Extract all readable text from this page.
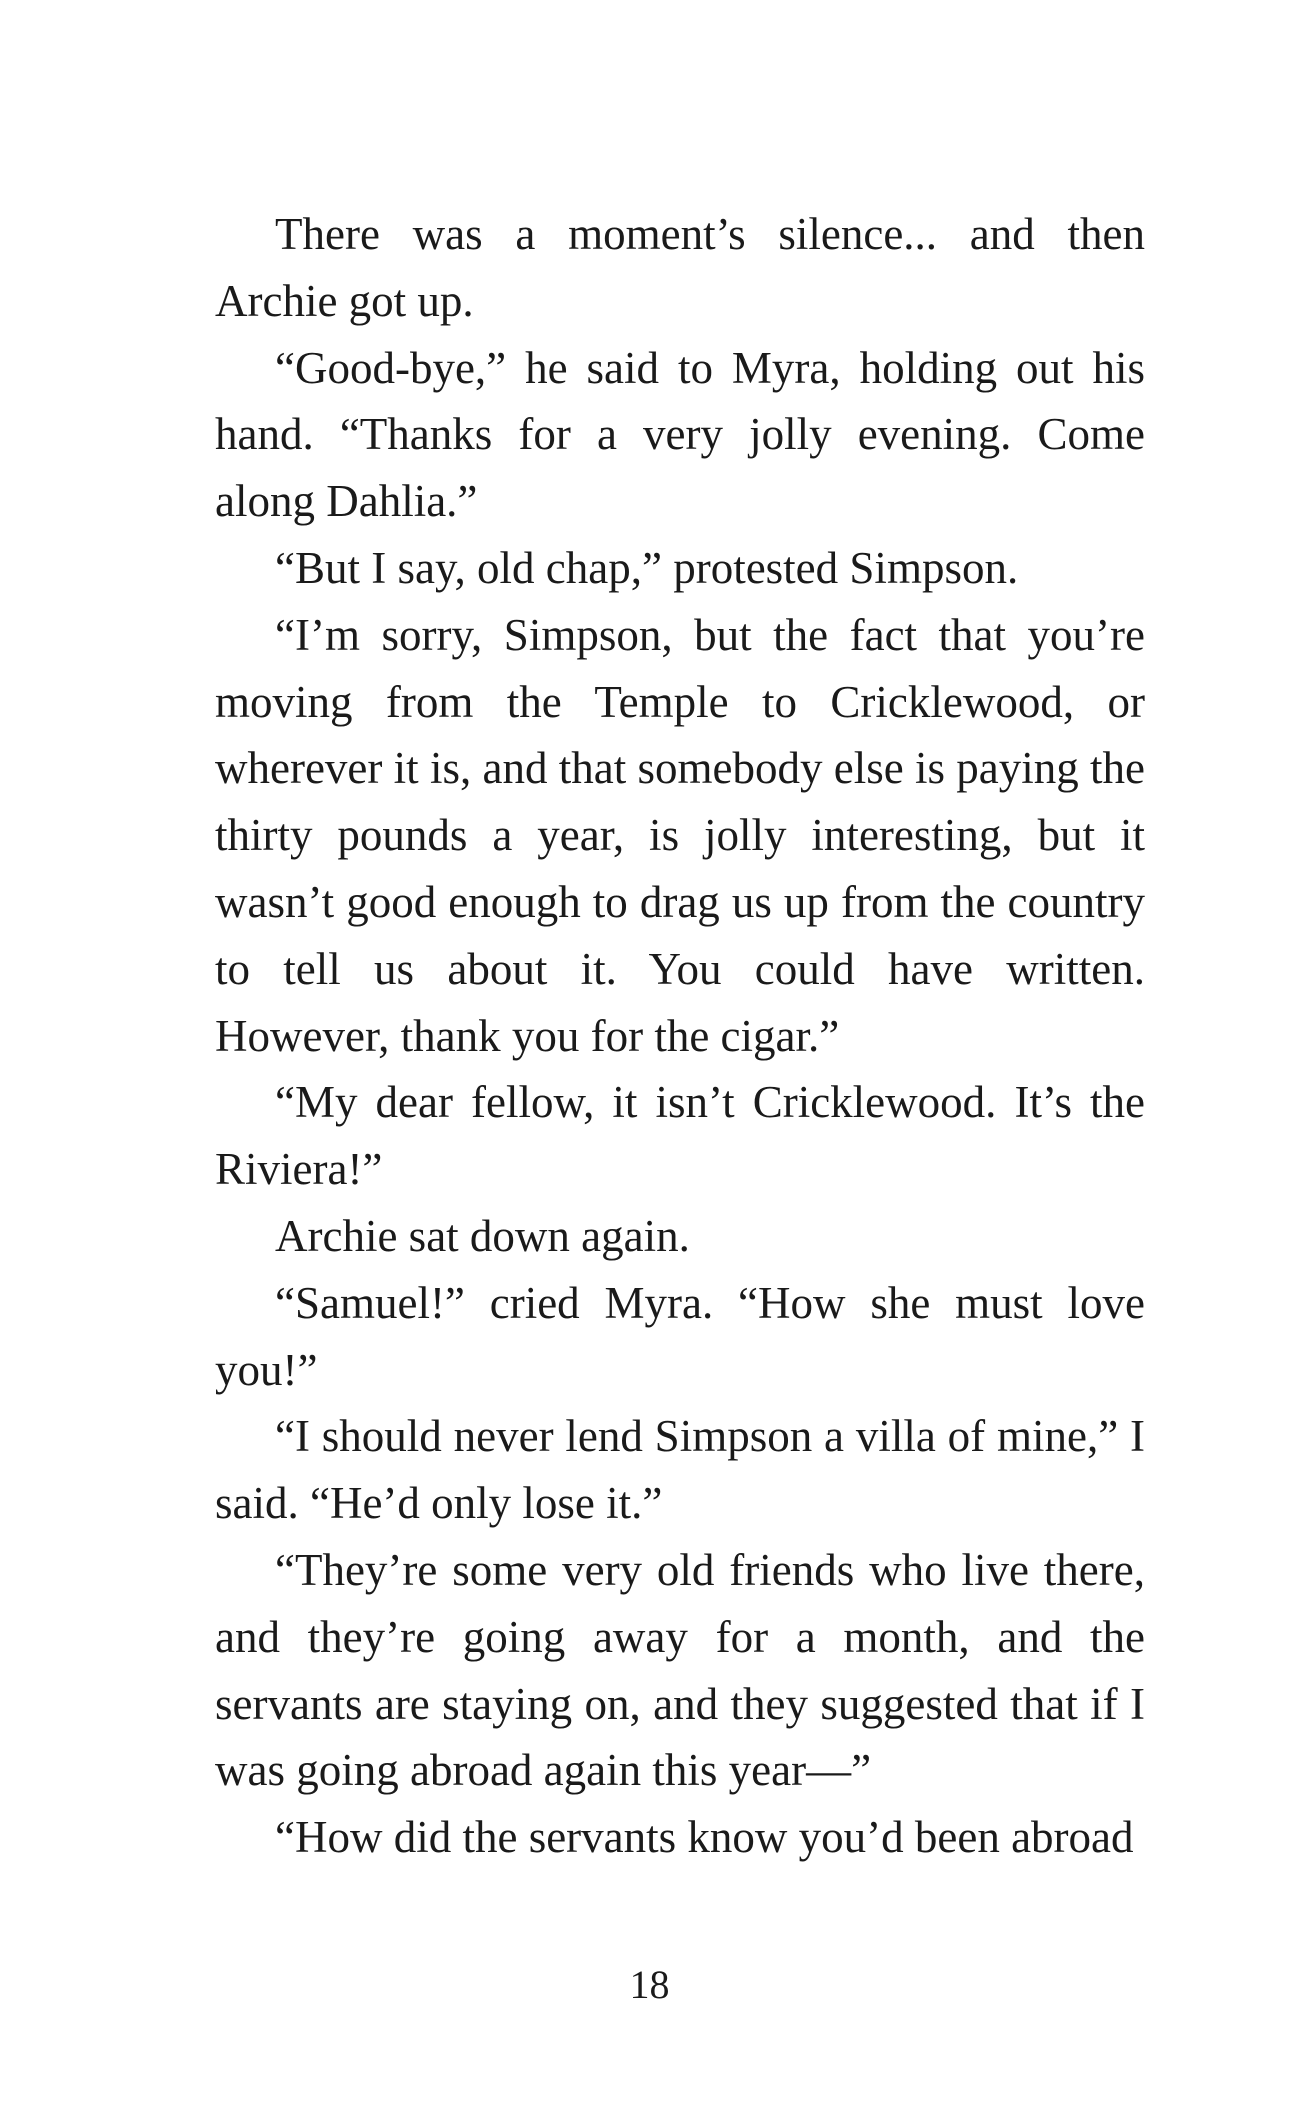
There was a moment’s silence... and then Archie got up.

“Good-bye,” he said to Myra, holding out his hand. “Thanks for a very jolly evening. Come along Dahlia.”

“But I say, old chap,” protested Simpson.

“I’m sorry, Simpson, but the fact that you’re moving from the Temple to Cricklewood, or wherever it is, and that somebody else is paying the thirty pounds a year, is jolly interesting, but it wasn’t good enough to drag us up from the country to tell us about it. You could have written. However, thank you for the cigar.”

“My dear fellow, it isn’t Cricklewood. It’s the Riviera!”

Archie sat down again.

“Samuel!” cried Myra. “How she must love you!”

“I should never lend Simpson a villa of mine,” I said. “He’d only lose it.”

“They’re some very old friends who live there, and they’re going away for a month, and the servants are staying on, and they suggested that if I was going abroad again this year—”

“How did the servants know you’d been abroad

18
